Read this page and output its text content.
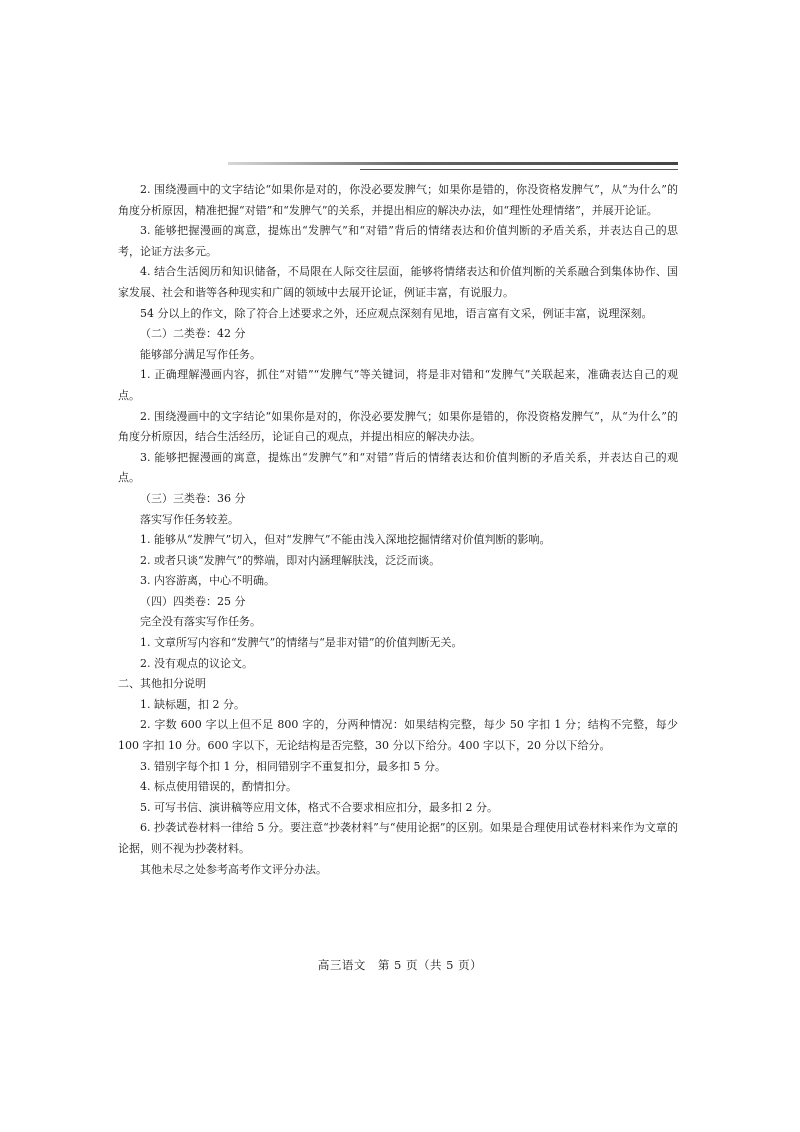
2. 围绕漫画中的文字结论“如果你是对的，你没必要发脾气；如果你是错的，你没资格发脾气”，从“为什么”的角度分析原因，精准把握“对错”和“发脾气”的关系，并提出相应的解决办法，如“理性处理情绪”，并展开论证。

3. 能够把握漫画的寓意，提炼出“发脾气”和“对错”背后的情绪表达和价值判断的矛盾关系，并表达自己的思考，论证方法多元。

4. 结合生活阅历和知识储备，不局限在人际交往层面，能够将情绪表达和价值判断的关系融合到集体协作、国家发展、社会和谐等各种现实和广阔的领域中去展开论证，例证丰富，有说服力。

54 分以上的作文，除了符合上述要求之外，还应观点深刻有见地，语言富有文采，例证丰富，说理深刻。

（二）二类卷：42 分

能够部分满足写作任务。

1. 正确理解漫画内容，抓住“对错”“发脾气”等关键词，将是非对错和“发脾气”关联起来，准确表达自己的观点。

2. 围绕漫画中的文字结论“如果你是对的，你没必要发脾气；如果你是错的，你没资格发脾气”，从“为什么”的角度分析原因，结合生活经历，论证自己的观点，并提出相应的解决办法。

3. 能够把握漫画的寓意，提炼出“发脾气”和“对错”背后的情绪表达和价值判断的矛盾关系，并表达自己的观点。

（三）三类卷：36 分

落实写作任务较差。

1. 能够从“发脾气”切入，但对“发脾气”不能由浅入深地挖掘情绪对价值判断的影响。

2. 或者只谈“发脾气”的弊端，即对内涵理解肤浅，泛泛而谈。

3. 内容游离，中心不明确。

（四）四类卷：25 分

完全没有落实写作任务。

1. 文章所写内容和“发脾气”的情绪与“是非对错”的价值判断无关。

2. 没有观点的议论文。

二、其他扣分说明

1. 缺标题，扣 2 分。

2. 字数 600 字以上但不足 800 字的，分两种情况：如果结构完整，每少 50 字扣 1 分；结构不完整，每少 100 字扣 10 分。600 字以下，无论结构是否完整，30 分以下给分。400 字以下，20 分以下给分。

3. 错别字每个扣 1 分，相同错别字不重复扣分，最多扣 5 分。

4. 标点使用错误的，酌情扣分。

5. 可写书信、演讲稿等应用文体，格式不合要求相应扣分，最多扣 2 分。

6. 抄袭试卷材料一律给 5 分。要注意“抄袭材料”与“使用论据”的区别。如果是合理使用试卷材料来作为文章的论据，则不视为抄袭材料。

其他未尽之处参考高考作文评分办法。

高三语文　第 5 页（共 5 页）
